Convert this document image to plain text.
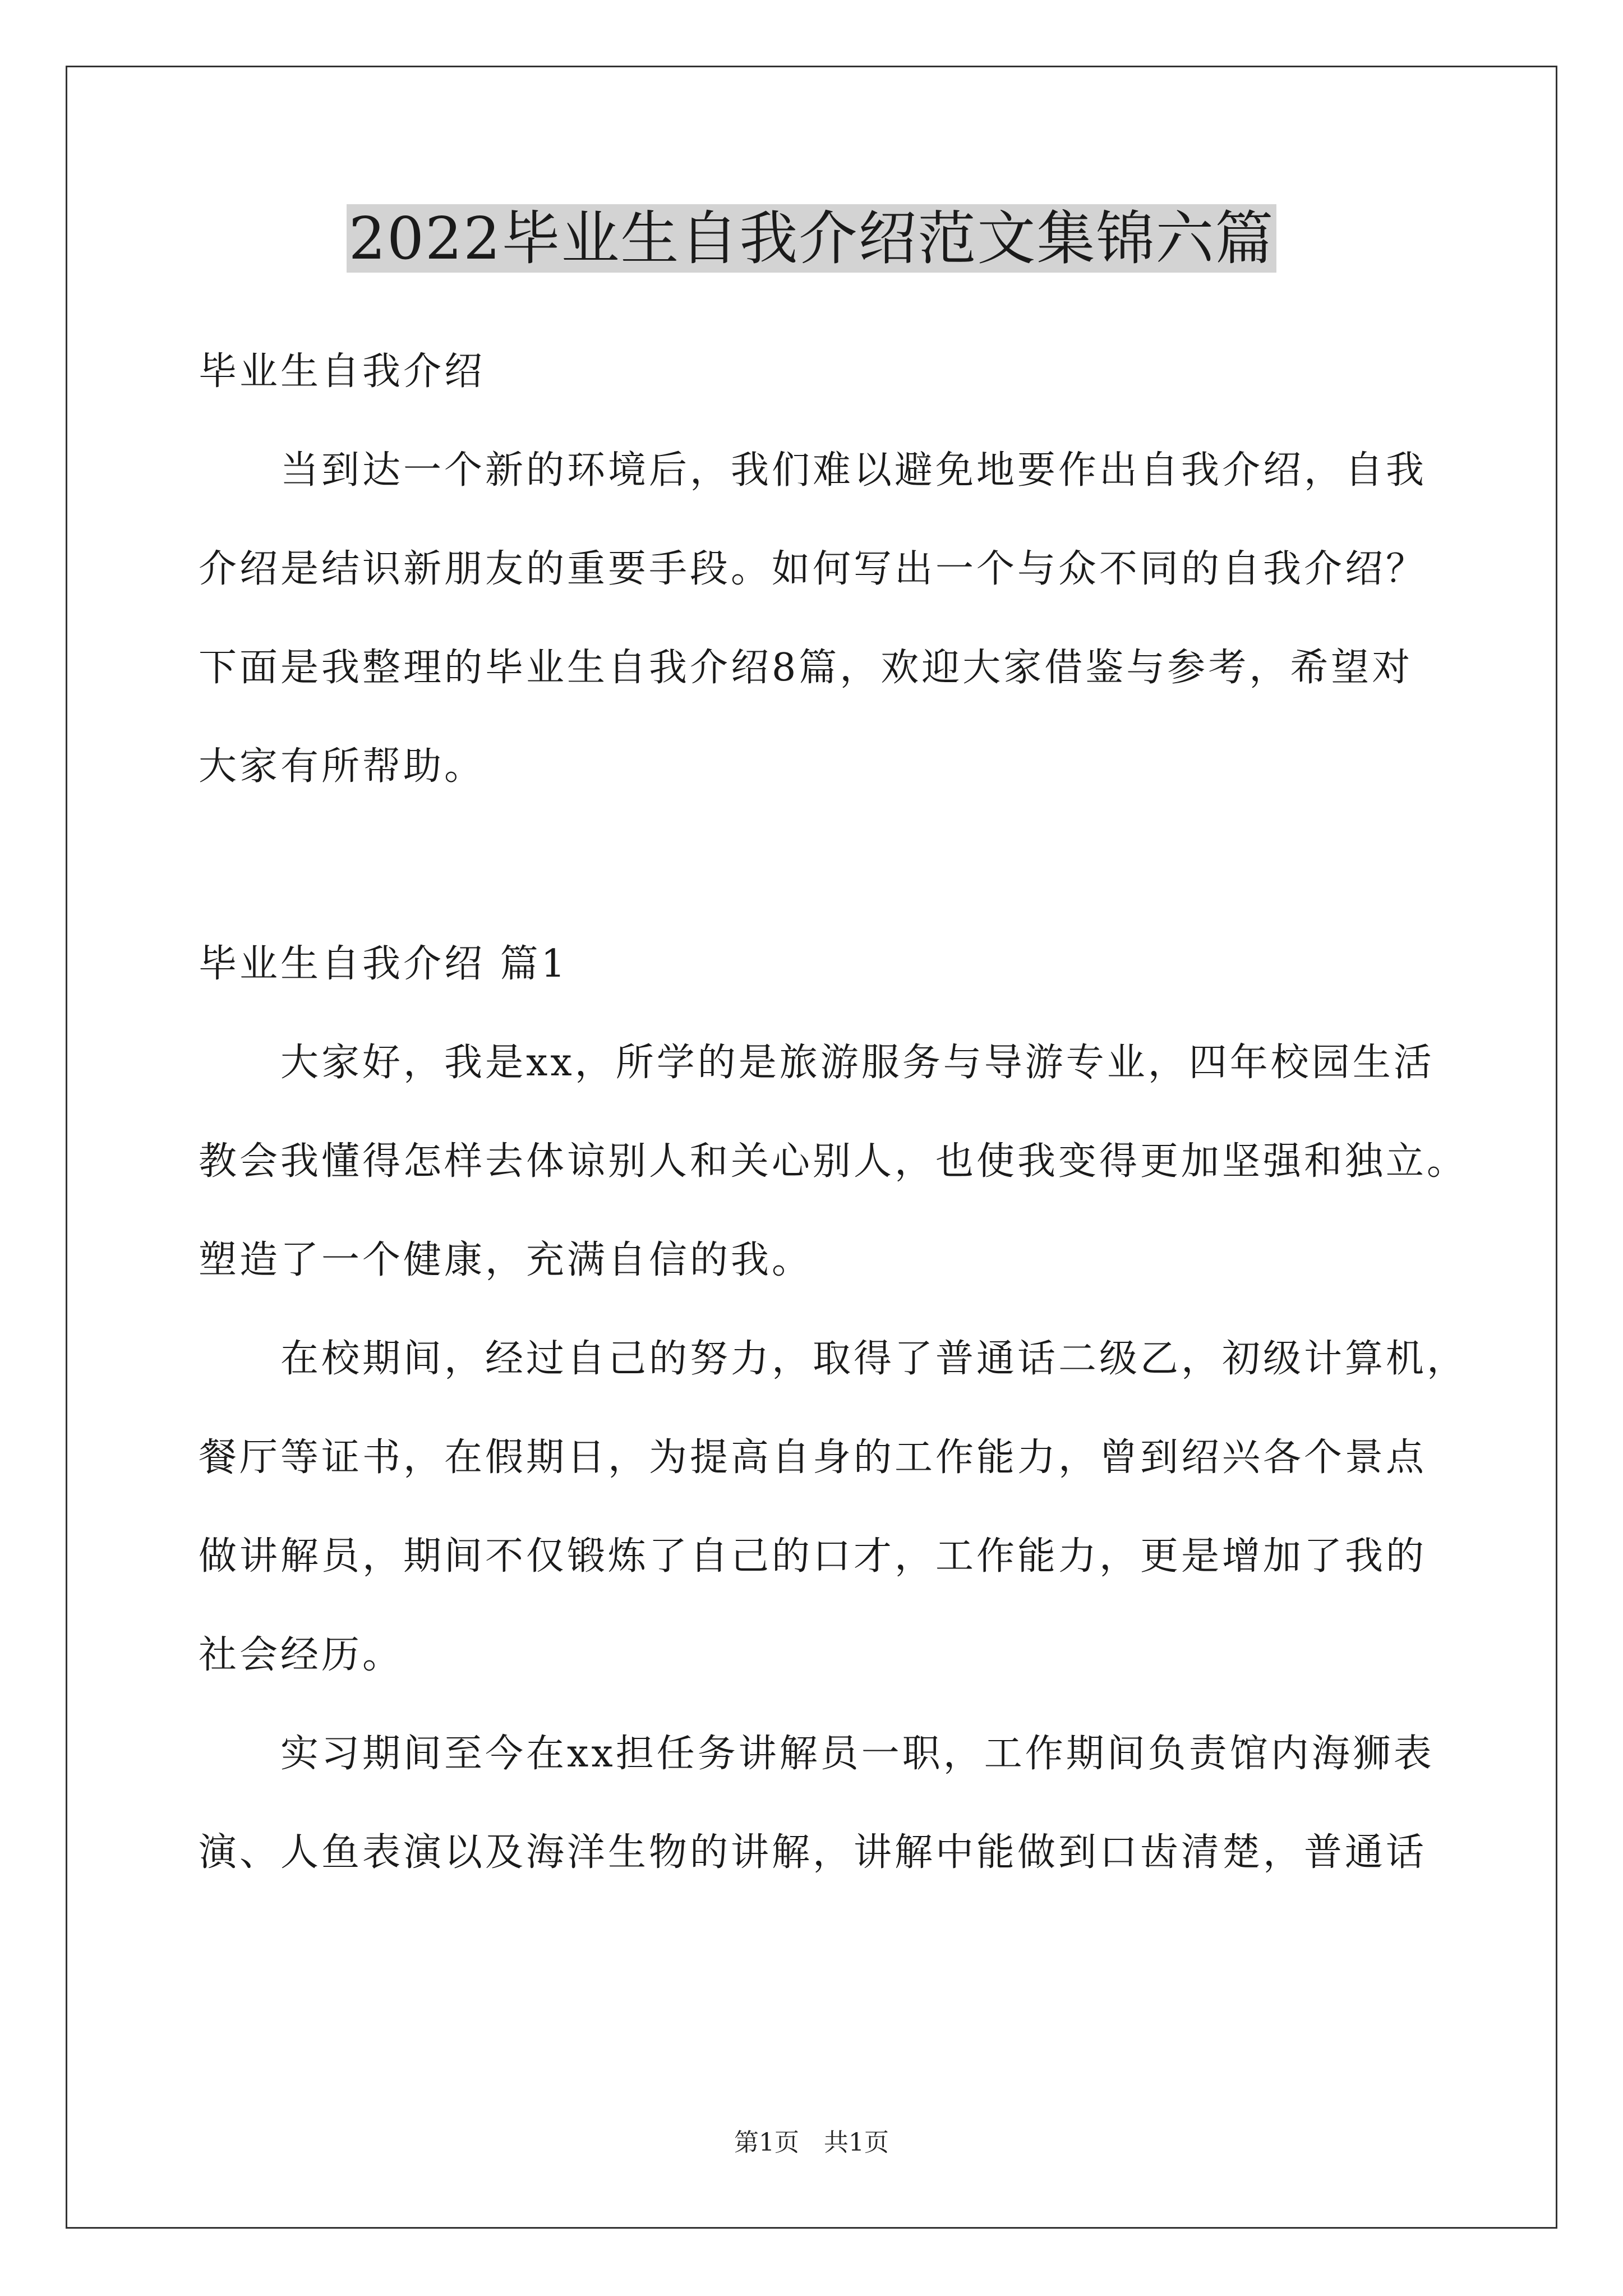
2022毕业生自我介绍范文集锦六篇
毕业生自我介绍
当到达一个新的环境后，我们难以避免地要作出自我介绍，自我
介绍是结识新朋友的重要手段。如何写出一个与众不同的自我介绍？
下面是我整理的毕业生自我介绍8篇，欢迎大家借鉴与参考，希望对
大家有所帮助。
毕业生自我介绍 篇1
大家好，我是xx，所学的是旅游服务与导游专业，四年校园生活
教会我懂得怎样去体谅别人和关心别人，也使我变得更加坚强和独立。
塑造了一个健康，充满自信的我。
在校期间，经过自己的努力，取得了普通话二级乙，初级计算机，
餐厅等证书，在假期日，为提高自身的工作能力，曾到绍兴各个景点
做讲解员，期间不仅锻炼了自己的口才，工作能力，更是增加了我的
社会经历。
实习期间至今在xx担任务讲解员一职，工作期间负责馆内海狮表
演、人鱼表演以及海洋生物的讲解，讲解中能做到口齿清楚，普通话
第1页 共1页
